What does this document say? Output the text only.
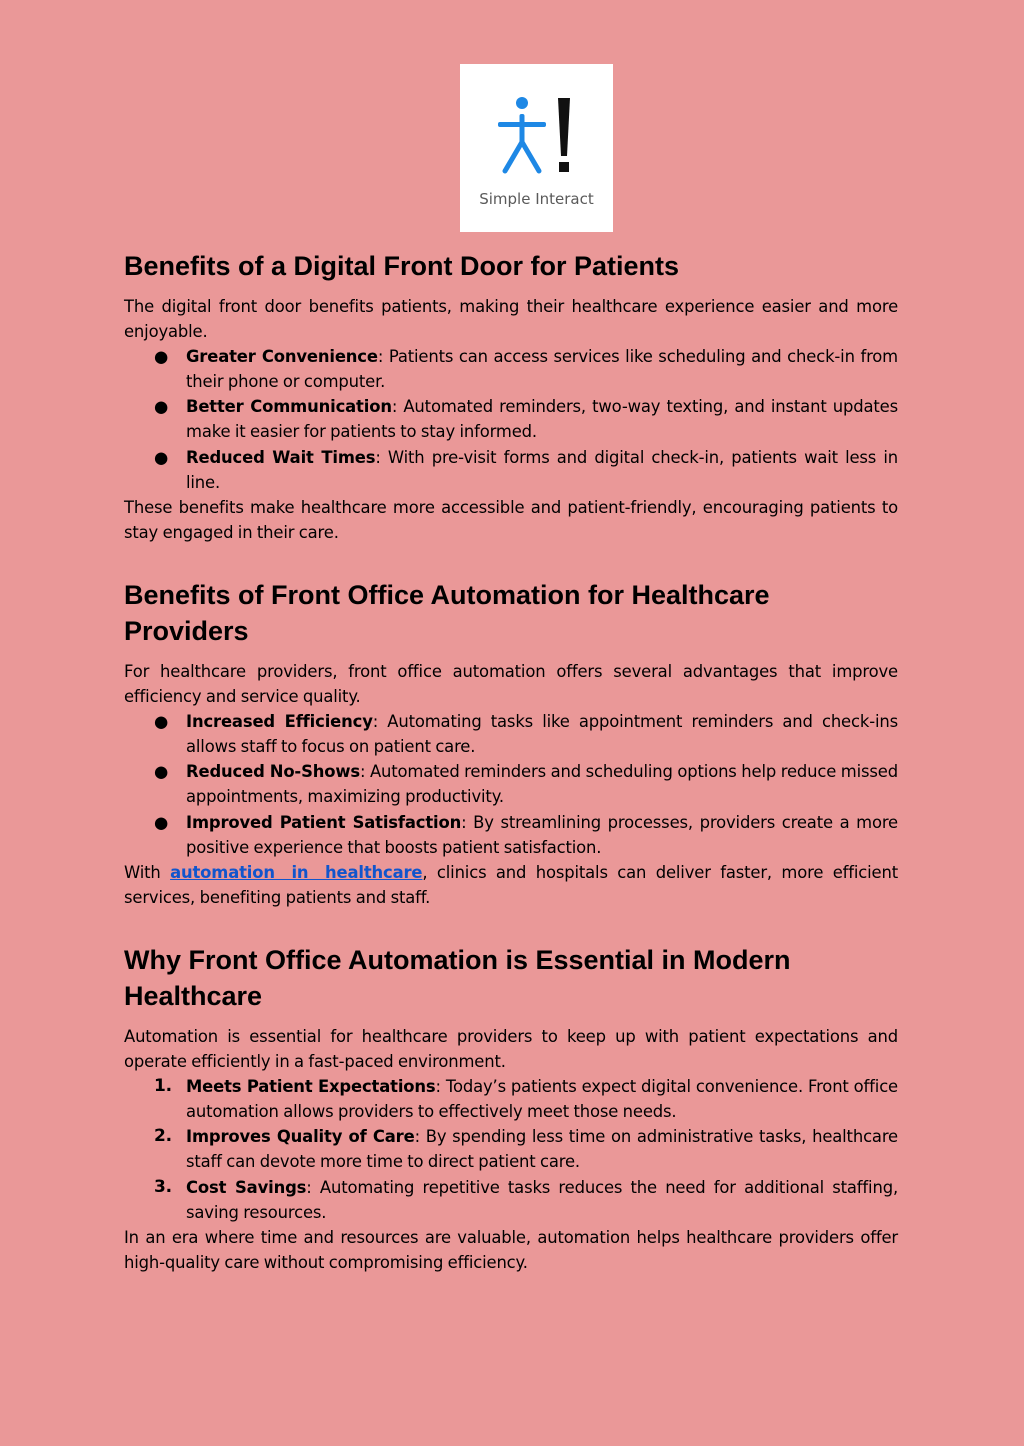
Simple Interact
Benefits of a Digital Front Door for Patients

The digital front door benefits patients, making their healthcare experience easier and more enjoyable.

●	Greater Convenience: Patients can access services like scheduling and check-in from their phone or computer.
●	Better Communication: Automated reminders, two-way texting, and instant updates make it easier for patients to stay informed.
●	Reduced Wait Times: With pre-visit forms and digital check-in, patients wait less in line.

These benefits make healthcare more accessible and patient-friendly, encouraging patients to stay engaged in their care.

Benefits of Front Office Automation for Healthcare
Providers

For healthcare providers, front office automation offers several advantages that improve efficiency and service quality.

●	Increased Efficiency: Automating tasks like appointment reminders and check-ins allows staff to focus on patient care.
●	Reduced No-Shows: Automated reminders and scheduling options help reduce missed appointments, maximizing productivity.
●	Improved Patient Satisfaction: By streamlining processes, providers create a more positive experience that boosts patient satisfaction.

With automation in healthcare, clinics and hospitals can deliver faster, more efficient services, benefiting patients and staff.

Why Front Office Automation is Essential in Modern
Healthcare

Automation is essential for healthcare providers to keep up with patient expectations and operate efficiently in a fast-paced environment.

1. Meets Patient Expectations: Today’s patients expect digital convenience. Front office automation allows providers to effectively meet those needs.
2. Improves Quality of Care: By spending less time on administrative tasks, healthcare staff can devote more time to direct patient care.
3. Cost Savings: Automating repetitive tasks reduces the need for additional staffing, saving resources.

In an era where time and resources are valuable, automation helps healthcare providers offer high-quality care without compromising efficiency.
